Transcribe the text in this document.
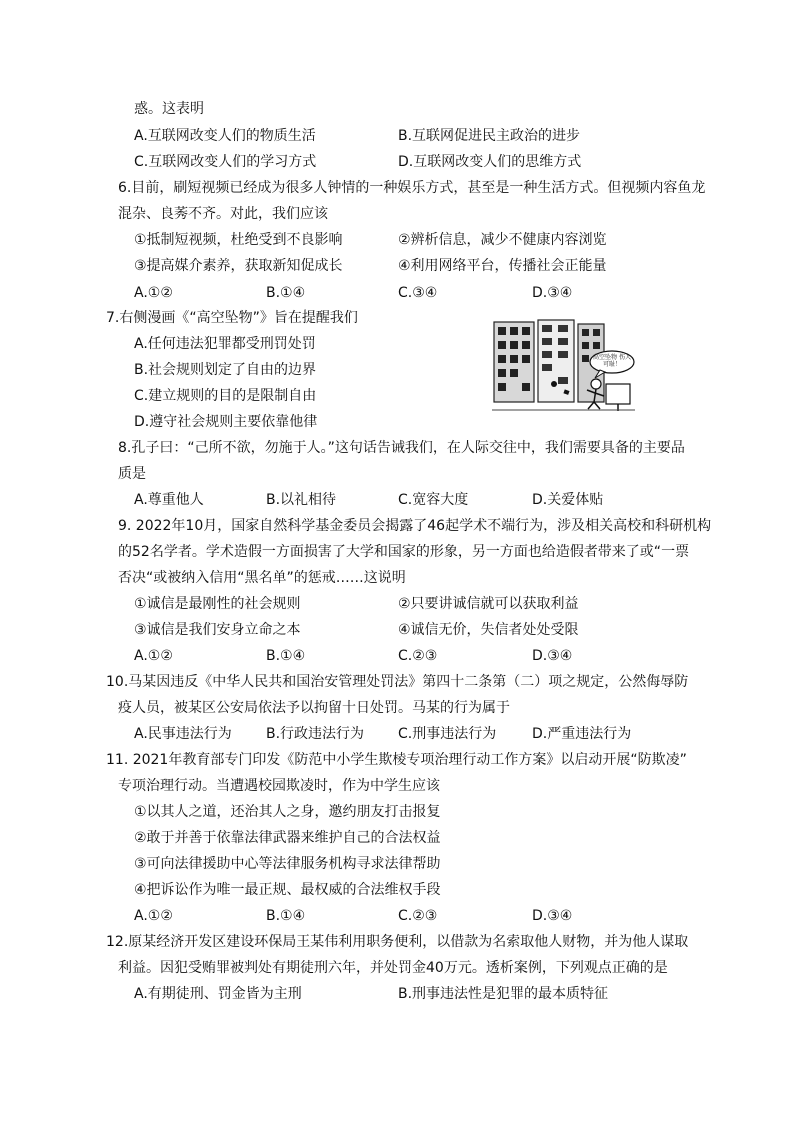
惑。这表明
A.互联网改变人们的物质生活	B.互联网促进民主政治的进步
C.互联网改变人们的学习方式	D.互联网改变人们的思维方式
6.目前，刷短视频已经成为很多人钟情的一种娱乐方式，甚至是一种生活方式。但视频内容鱼龙
混杂、良莠不齐。对此，我们应该
①抵制短视频，杜绝受到不良影响	②辨析信息，减少不健康内容浏览
③提高媒介素养，获取新知促成长	④利用网络平台，传播社会正能量
A.①②	B.①④	C.③④	D.③④
7.右侧漫画《“高空坠物”》旨在提醒我们
A.任何违法犯罪都受刑罚处罚
B.社会规则划定了自由的边界
C.建立规则的目的是限制自由
D.遵守社会规则主要依靠他律
高空坠物 伤人可耻！
8.孔子曰：“己所不欲，勿施于人。”这句话告诫我们，在人际交往中，我们需要具备的主要品
质是
A.尊重他人	B.以礼相待	C.宽容大度	D.关爱体贴
9. 2022年10月，国家自然科学基金委员会揭露了46起学术不端行为，涉及相关高校和科研机构
的52名学者。学术造假一方面损害了大学和国家的形象，另一方面也给造假者带来了或“一票
否决“或被纳入信用“黑名单”的惩戒……这说明
①诚信是最刚性的社会规则	②只要讲诚信就可以获取利益
③诚信是我们安身立命之本	④诚信无价，失信者处处受限
A.①②	B.①④	C.②③	D.③④
10.马某因违反《中华人民共和国治安管理处罚法》第四十二条第（二）项之规定，公然侮辱防
疫人员，被某区公安局依法予以拘留十日处罚。马某的行为属于
A.民事违法行为 B.行政违法行为 C.刑事违法行为	D.严重违法行为
11. 2021年教育部专门印发《防范中小学生欺棱专项治理行动工作方案》以启动开展“防欺凌”
专项治理行动。当遭遇校园欺凌时，作为中学生应该
①以其人之道，还治其人之身，邀约朋友打击报复
②敢于并善于依靠法律武器来维护自己的合法权益
③可向法律援助中心等法律服务机构寻求法律帮助
④把诉讼作为唯一最正规、最权威的合法维权手段
A.①②	B.①④	C.②③	D.③④
12.原某经济开发区建设环保局王某伟利用职务便利，以借款为名索取他人财物，并为他人谋取
利益。因犯受贿罪被判处有期徒刑六年，并处罚金40万元。透析案例，下列观点正确的是
A.有期徒刑、罚金皆为主刑	B.刑事违法性是犯罪的最本质特征
